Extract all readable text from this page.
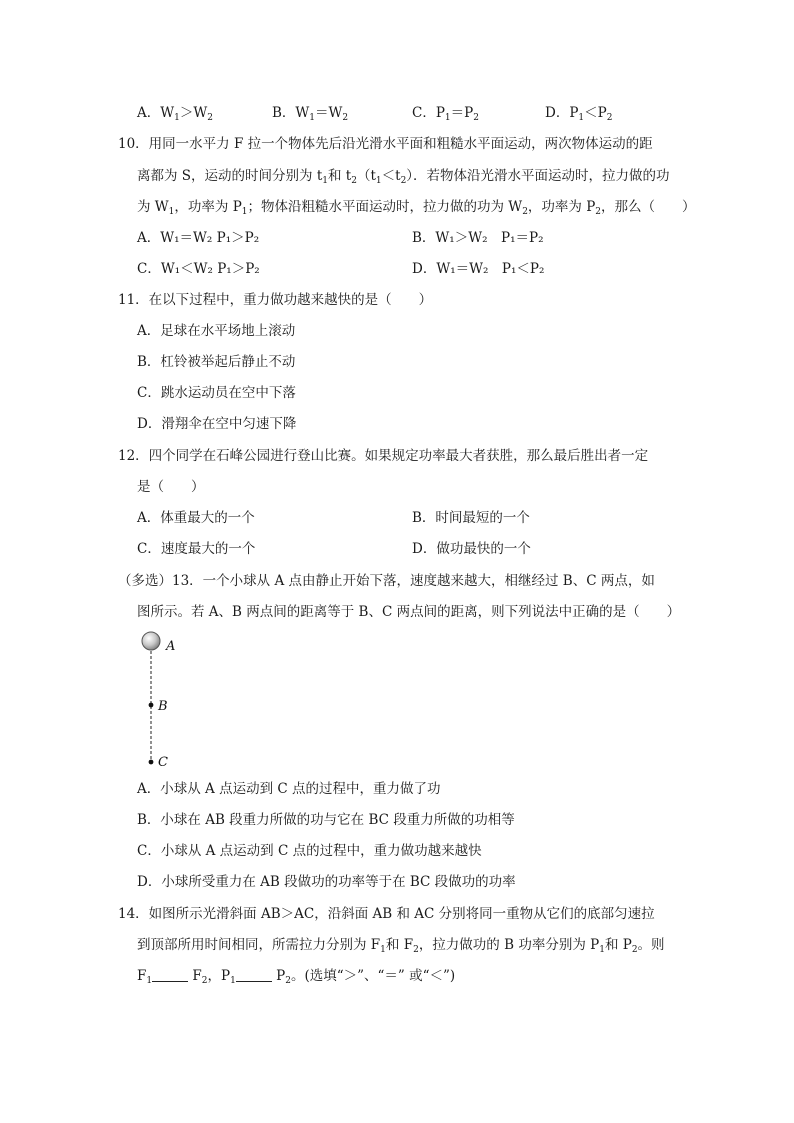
A．$W_1>W_2$	B．$W_1=W_2$	C．$P_1=P_2$	D．$P_1<P_2$
10．用同一水平力 F 拉一个物体先后沿光滑水平面和粗糙水平面运动，两次物体运动的距
离都为 S，运动的时间分别为 $t_1$和 $t_2(t_1<t_2)$．若物体沿光滑水平面运动时，拉力做的功
为 $W_1$，功率为 $P_1$；物体沿粗糙水平面运动时，拉力做的功为 $W_2$，功率为 $P_2$，那么（　　）
A．W₁＝W₂ P₁＞P₂	B．W₁＞W₂　P₁＝P₂
C．W₁＜W₂ P₁＞P₂	D．W₁＝W₂　P₁＜P₂
11．在以下过程中，重力做功越来越快的是（　　）
A．足球在水平场地上滚动
B．杠铃被举起后静止不动
C．跳水运动员在空中下落
D．滑翔伞在空中匀速下降
12．四个同学在石峰公园进行登山比赛。如果规定功率最大者获胜，那么最后胜出者一定
是（　　）
A．体重最大的一个	B．时间最短的一个
C．速度最大的一个	D．做功最快的一个
（多选）13．一个小球从 A 点由静止开始下落，速度越来越大，相继经过 B、C 两点，如
图所示。若 A、B 两点间的距离等于 B、C 两点间的距离，则下列说法中正确的是（　　）
A
B
C
A．小球从 A 点运动到 C 点的过程中，重力做了功
B．小球在 AB 段重力所做的功与它在 BC 段重力所做的功相等
C．小球从 A 点运动到 C 点的过程中，重力做功越来越快
D．小球所受重力在 AB 段做功的功率等于在 BC 段做功的功率
14．如图所示光滑斜面 AB＞AC，沿斜面 AB 和 AC 分别将同一重物从它们的底部匀速拉
到顶部所用时间相同，所需拉力分别为 $F_1$和 $F_2$，拉力做功的 B 功率分别为 $P_1$和 $P_2$。则
$F_1$	$F_2$，$P_1$	$P_2$。(选填“＞”、“＝” 或“＜”)
